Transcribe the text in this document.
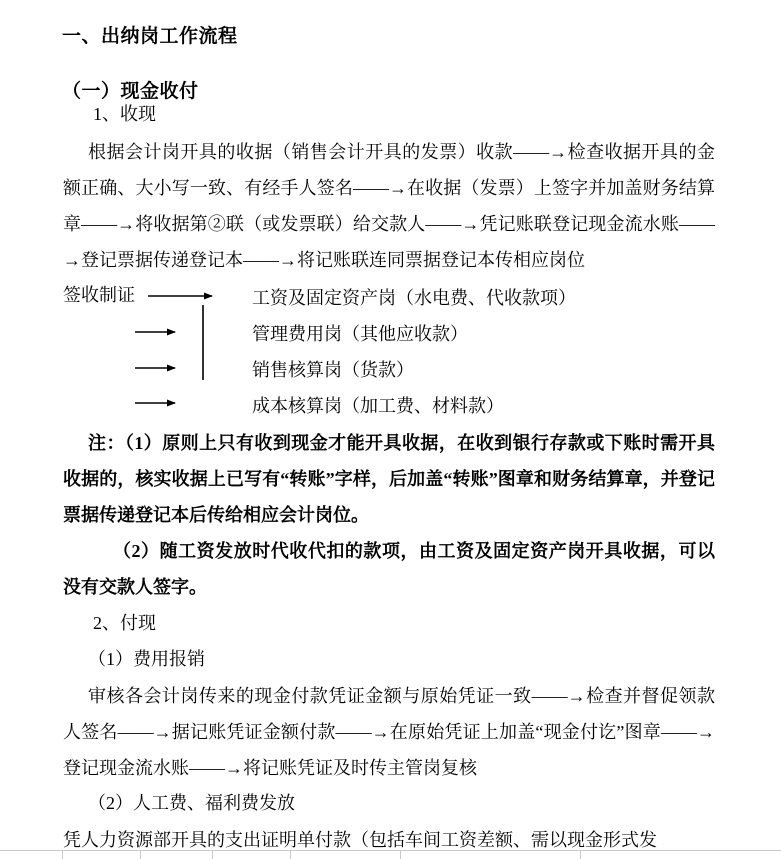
一、出纳岗工作流程
（一）现金收付
1、收现
根据会计岗开具的收据（销售会计开具的发票）收款——→检查收据开具的金额正确、大小写一致、有经手人签名——→在收据（发票）上签字并加盖财务结算章——→将收据第②联（或发票联）给交款人——→凭记账联登记现金流水账——→登记票据传递登记本——→将记账联连同票据登记本传相应岗位
签收制证	工资及固定资产岗（水电费、代收款项）
管理费用岗（其他应收款）
销售核算岗（货款）
成本核算岗（加工费、材料款）
注：（1）原则上只有收到现金才能开具收据，在收到银行存款或下账时需开具收据的，核实收据上已写有“转账”字样，后加盖“转账”图章和财务结算章，并登记票据传递登记本后传给相应会计岗位。
（2）随工资发放时代收代扣的款项，由工资及固定资产岗开具收据，可以没有交款人签字。
2、付现
（1）费用报销
审核各会计岗传来的现金付款凭证金额与原始凭证一致——→检查并督促领款人签名——→据记账凭证金额付款——→在原始凭证上加盖“现金付讫”图章——→登记现金流水账——→将记账凭证及时传主管岗复核
（2）人工费、福利费发放
凭人力资源部开具的支出证明单付款（包括车间工资差额、需以现金形式发
